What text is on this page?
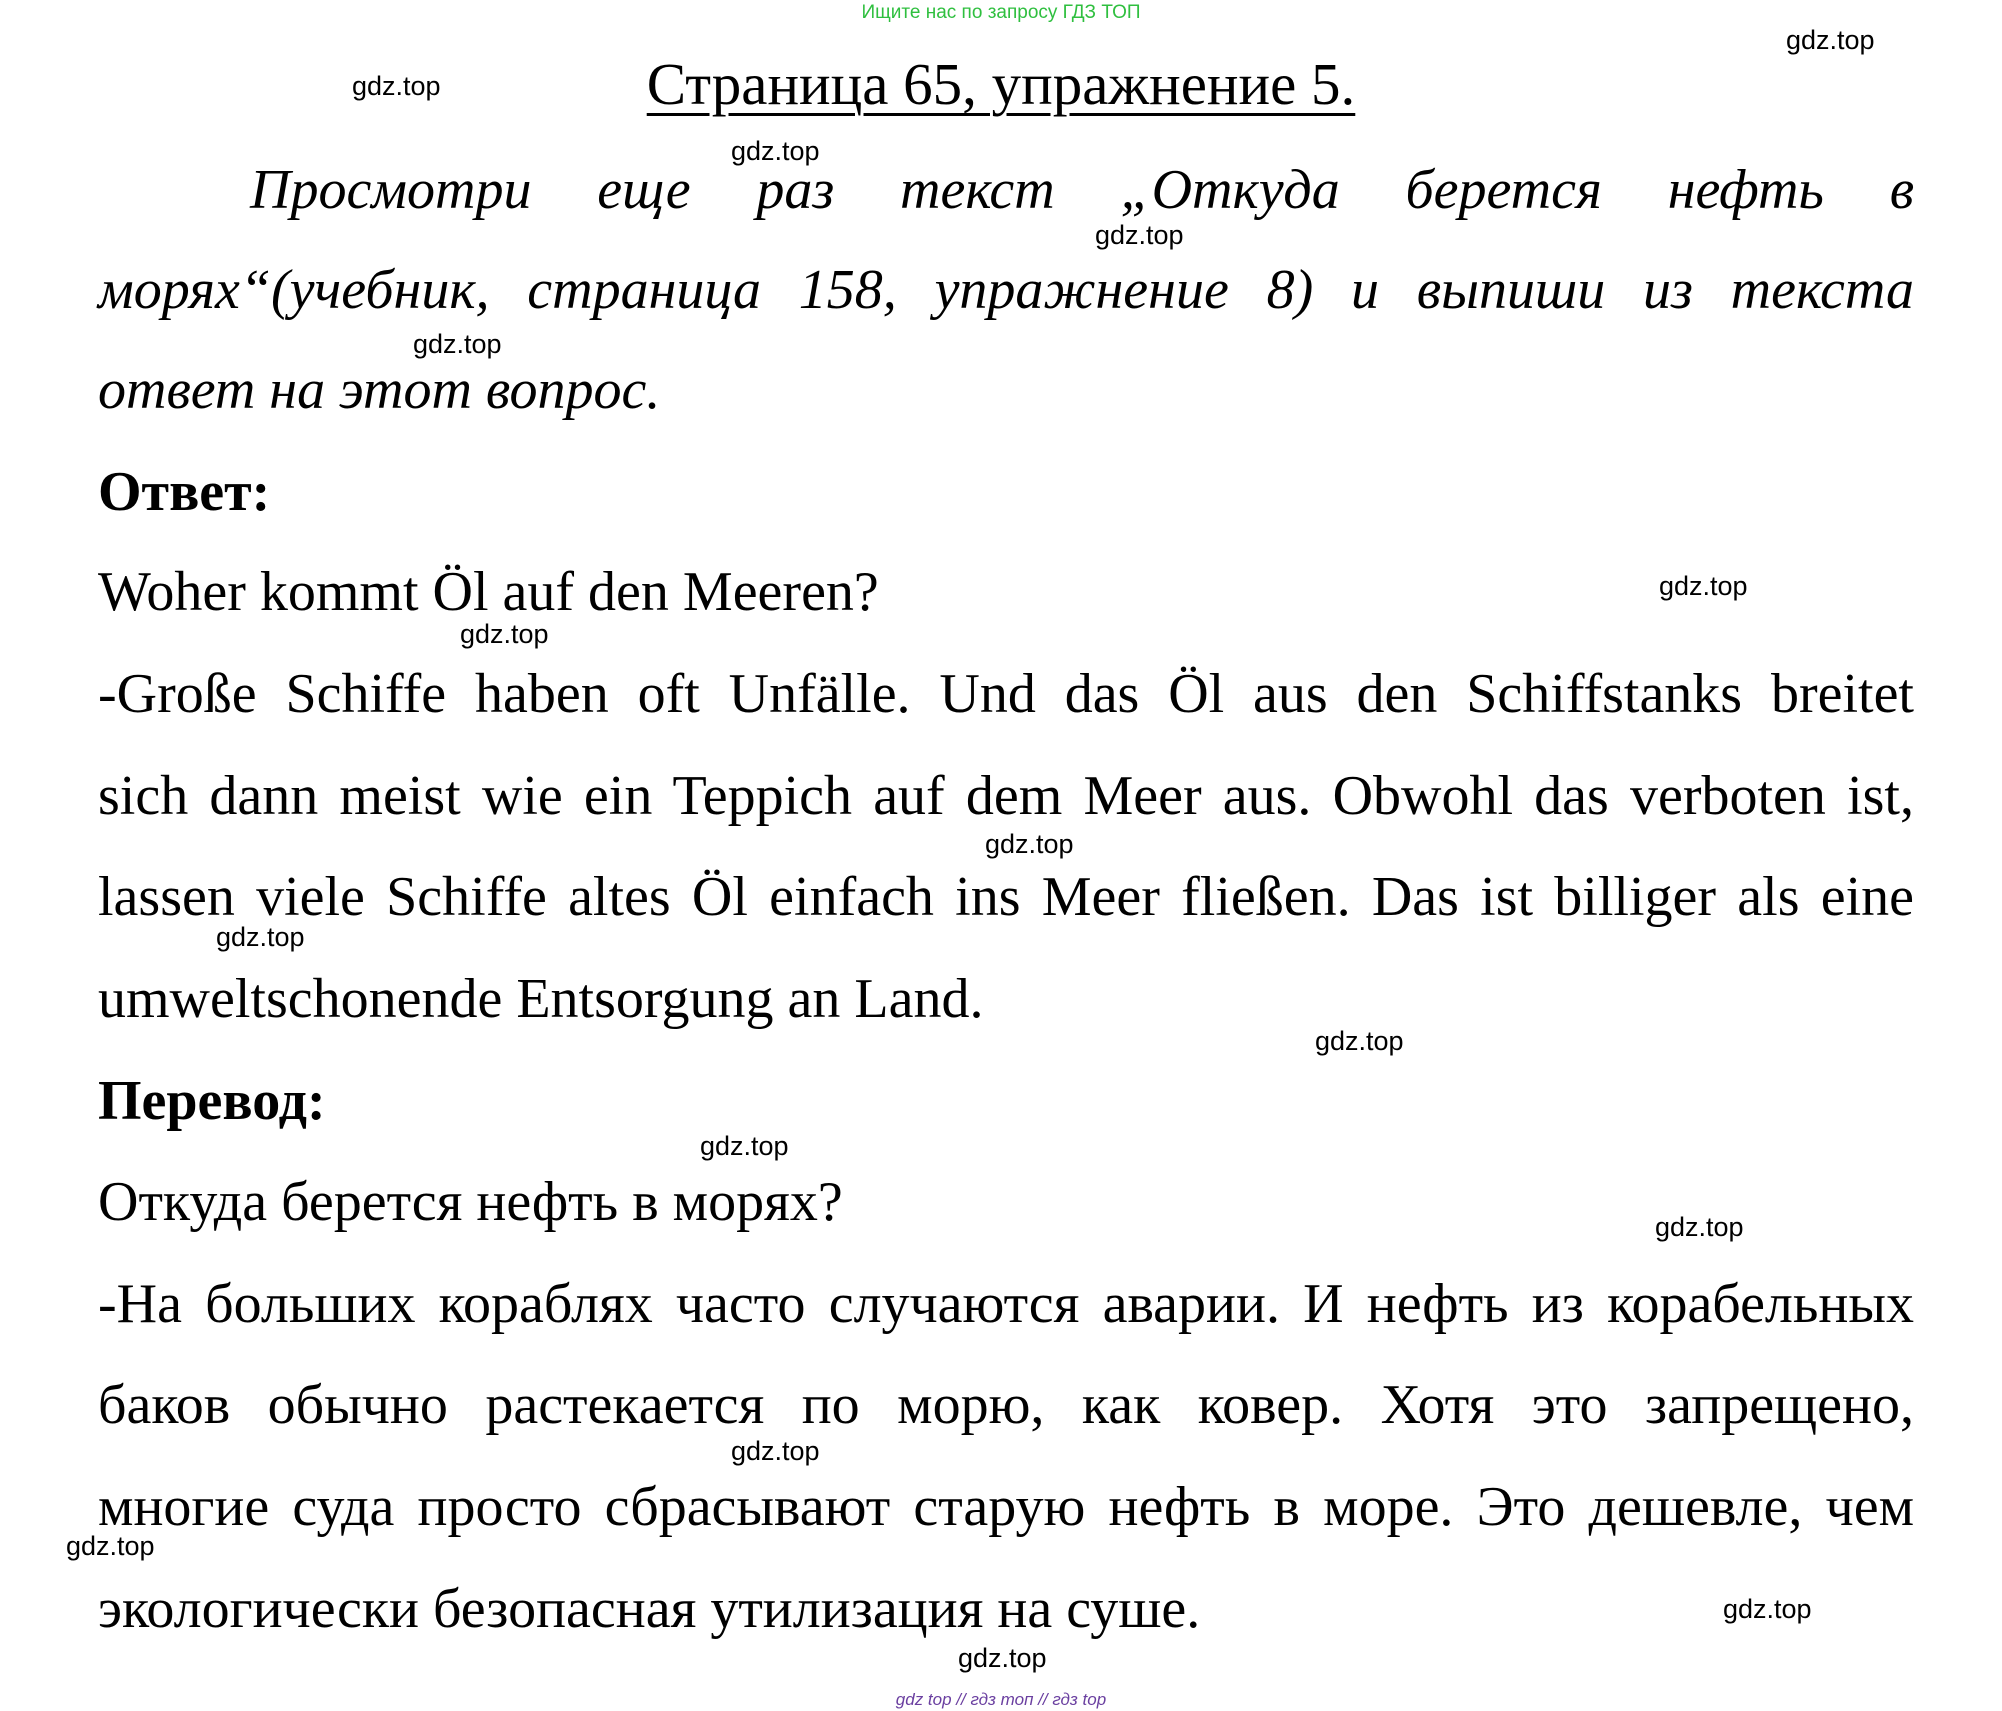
Ищите нас по запросу ГДЗ ТОП
Страница 65, упражнение 5.
Просмотри еще раз текст „Откуда берется нефть в
морях“(учебник, страница 158, упражнение 8) и выпиши из текста
ответ на этот вопрос.
Ответ:
Woher kommt Öl auf den Meeren?
-Große Schiffe haben oft Unfälle. Und das Öl aus den Schiffstanks breitet
sich dann meist wie ein Teppich auf dem Meer aus. Obwohl das verboten ist,
lassen viele Schiffe altes Öl einfach ins Meer fließen. Das ist billiger als eine
umweltschonende Entsorgung an Land.
Перевод:
Откуда берется нефть в морях?
-На больших кораблях часто случаются аварии. И нефть из корабельных
баков обычно растекается по морю, как ковер. Хотя это запрещено,
многие суда просто сбрасывают старую нефть в море. Это дешевле, чем
экологически безопасная утилизация на суше.
gdz.top
gdz.top
gdz.top
gdz.top
gdz.top
gdz.top
gdz.top
gdz.top
gdz.top
gdz.top
gdz.top
gdz.top
gdz.top
gdz.top
gdz.top
gdz.top
gdz top // гдз топ // гдз top
